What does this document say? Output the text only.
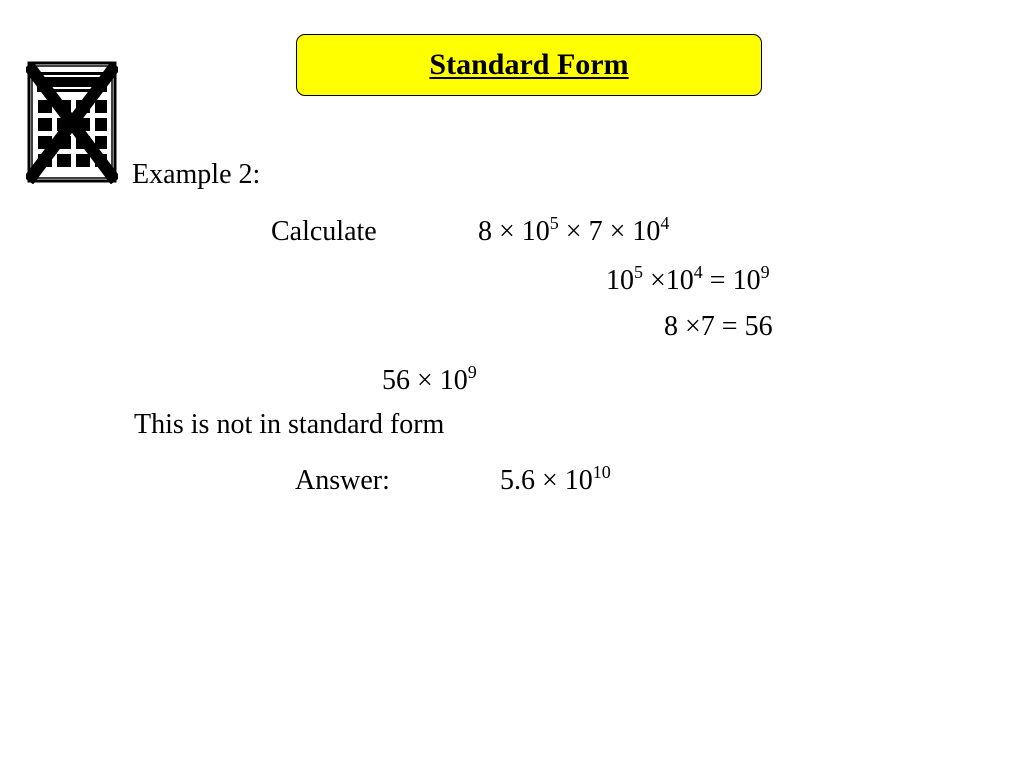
Standard Form
Example 2:
Calculate	$8 \times 10^5 \times 7 \times 10^4$
$10^5 \times 10^4 = 10^9$
8 ×7 = 56
$56 \times 10^9$
This is not in standard form
Answer:	$5.6 \times 10^{10}$
